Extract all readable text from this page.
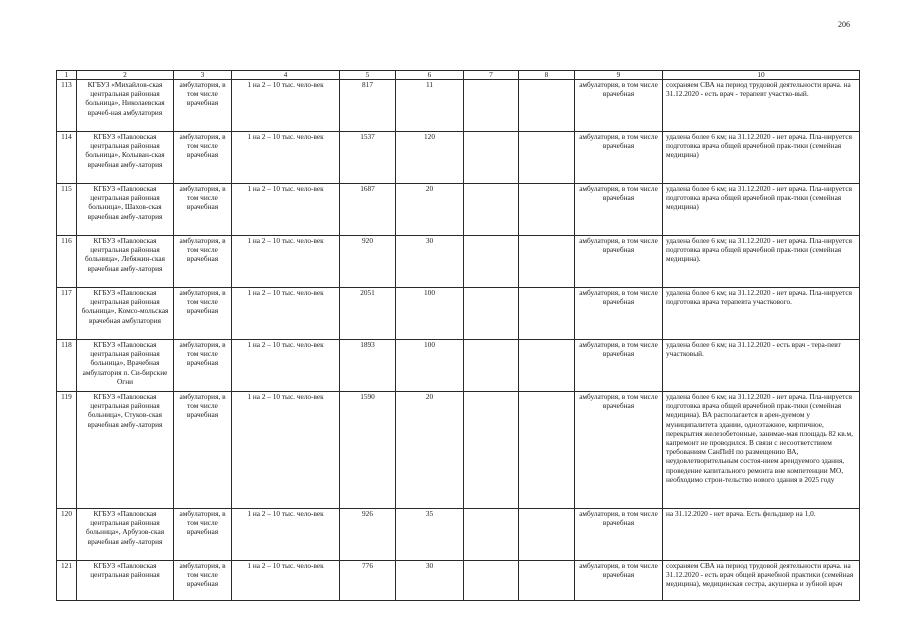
206
1	2	3	4	5	6	7	8	9	10
113	КГБУЗ «Михайлов-ская центральная районная больница», Николаевская врачеб-ная амбулатория	амбулатория, в том числе врачебная	1 на 2 – 10 тыс. чело-век	817	11			амбулатория, в том числе врачебная	сохраняем СВА на период трудовой деятельности врача. на 31.12.2020 - есть врач - терапевт участко-вый.
114	КГБУЗ «Павловская центральная районная больница», Колыван-ская врачебная амбу-латория	амбулатория, в том числе врачебная	1 на 2 – 10 тыс. чело-век	1537	120			амбулатория, в том числе врачебная	удалена более 6 км; на 31.12.2020 - нет врача. Пла-нируется подготовка врача общей врачебной прак-тики (семейная медицина)
115	КГБУЗ «Павловская центральная районная больница», Шахов-ская врачебная амбу-латория	амбулатория, в том числе врачебная	1 на 2 – 10 тыс. чело-век	1687	20			амбулатория, в том числе врачебная	удалена более 6 км; на 31.12.2020 - нет врача. Пла-нируется подготовка врача общей врачебной прак-тики (семейная медицина)
116	КГБУЗ «Павловская центральная районная больница», Лебяжин-ская врачебная амбу-латория	амбулатория, в том числе врачебная	1 на 2 – 10 тыс. чело-век	920	30			амбулатория, в том числе врачебная	удалена более 6 км; на 31.12.2020 - нет врача. Пла-нируется подготовка врача общей врачебной прак-тики (семейная медицина).
117	КГБУЗ «Павловская центральная районная больница», Комсо-мольская врачебная амбулатория	амбулатория, в том числе врачебная	1 на 2 – 10 тыс. чело-век	2051	100			амбулатория, в том числе врачебная	удалена более 6 км; на 31.12.2020 - нет врача. Пла-нируется подготовка врача терапевта участкового.
118	КГБУЗ «Павловская центральная районная больница», Врачебная амбулатория п. Си-бирские Огни	амбулатория, в том числе врачебная	1 на 2 – 10 тыс. чело-век	1893	100			амбулатория, в том числе врачебная	удалена более 6 км; на 31.12.2020 - есть врач - тера-певт участковый.
119	КГБУЗ «Павловская центральная районная больница», Стуков-ская врачебная амбу-латория	амбулатория, в том числе врачебная	1 на 2 – 10 тыс. чело-век	1590	20			амбулатория, в том числе врачебная	удалена более 6 км; на 31.12.2020 - нет врача. Пла-нируется подготовка врача общей врачебной прак-тики (семейная медицина). ВА располагается в арен-дуемом у муниципалитета здании, одноэтажное, кирпичное, перекрытия железобетонные, занимае-мая площадь 82 кв.м, капремонт не проводился. В связи с несоответствием требованиям СанПиН по размещению ВА, неудовлетворительным состоя-нием арендуемого здания, проведение капитального ремонта вне компетенции МО, необходимо строи-тельство нового здания в 2025 году
120	КГБУЗ «Павловская центральная районная больница», Арбузов-ская врачебная амбу-латория	амбулатория, в том числе врачебная	1 на 2 – 10 тыс. чело-век	926	35			амбулатория, в том числе врачебная	на 31.12.2020 - нет врача. Есть фельдшер на 1,0.
121	КГБУЗ «Павловская центральная районная	амбулатория, в том числе врачебная	1 на 2 – 10 тыс. чело-век	776	30			амбулатория, в том числе врачебная	сохраняем СВА на период трудовой деятельности врача. на 31.12.2020 - есть врач общей врачебной практики (семейная медицина), медицинская сестра, акушерка и зубной врач
